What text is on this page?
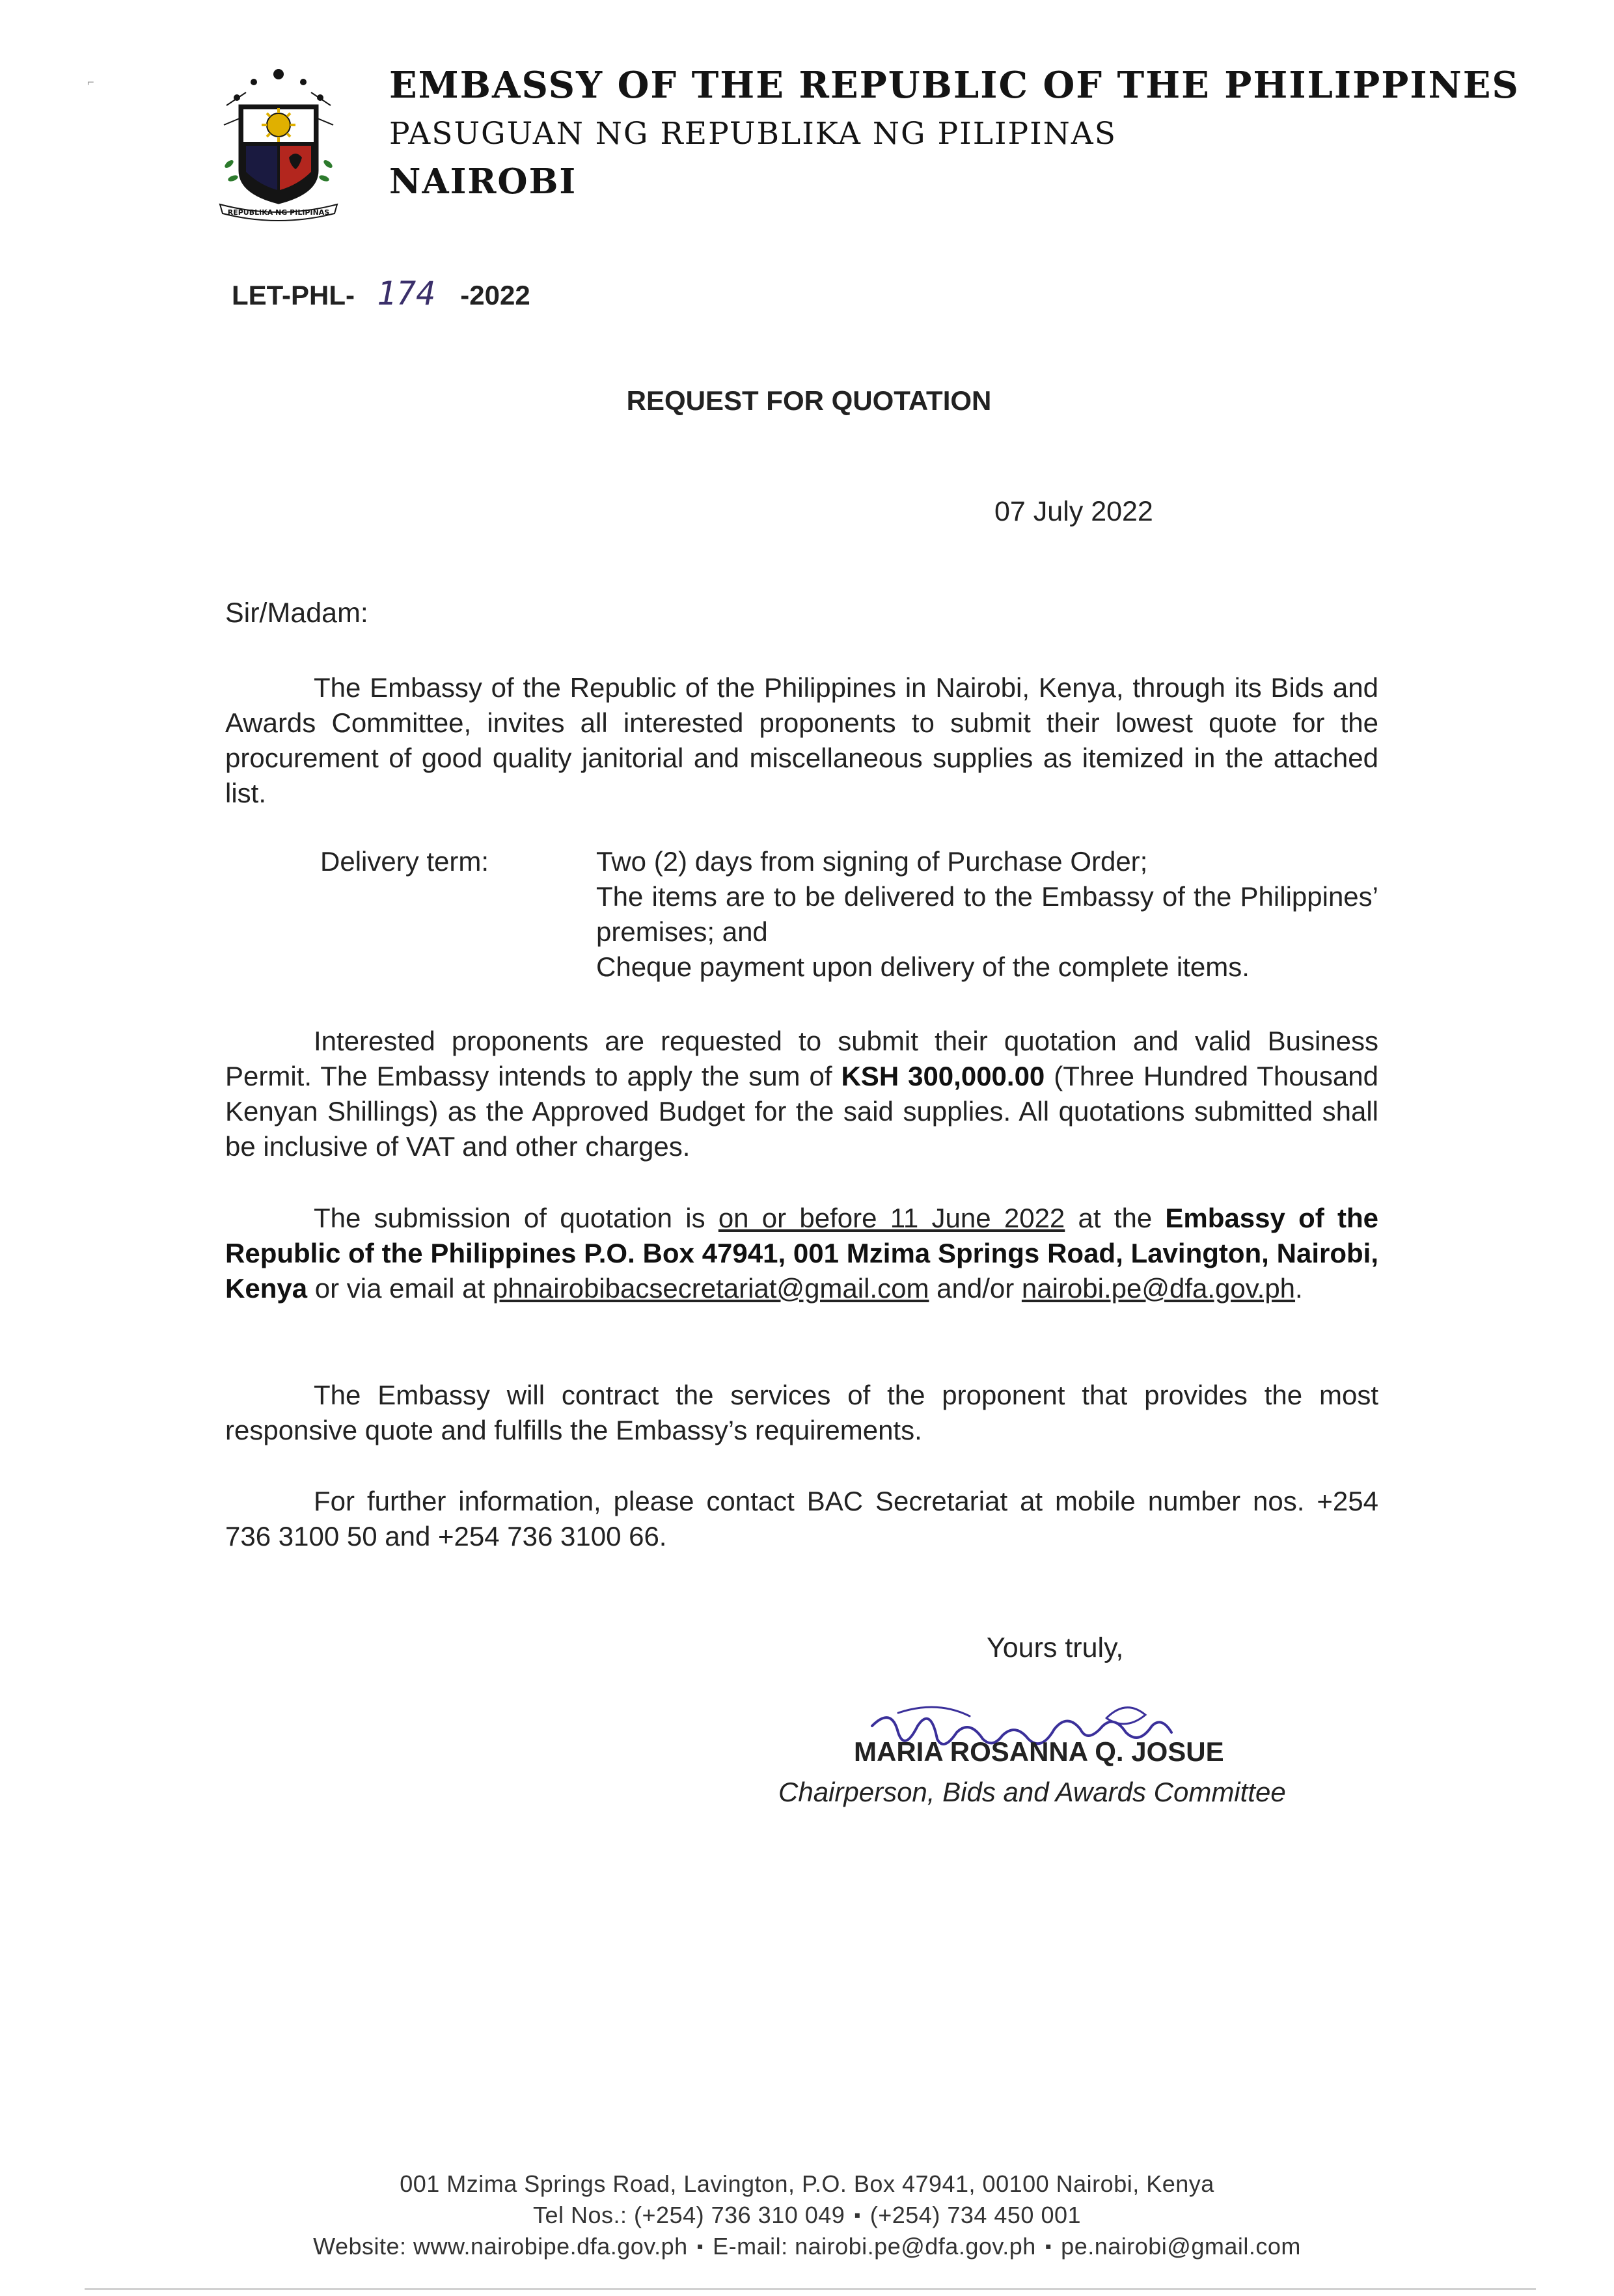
REPUBLIKA NG PILIPINAS
EMBASSY OF THE REPUBLIC OF THE PHILIPPINES
PASUGUAN NG REPUBLIKA NG PILIPINAS
NAIROBI
⌐
LET-PHL- 174 -2022
REQUEST FOR QUOTATION
07 July 2022
Sir/Madam:
The Embassy of the Republic of the Philippines in Nairobi, Kenya, through its Bids and Awards Committee, invites all interested proponents to submit their lowest quote for the procurement of good quality janitorial and miscellaneous supplies as itemized in the attached list.
Delivery term:	Two (2) days from signing of Purchase Order;
The items are to be delivered to the Embassy of the Philippines’ premises; and
Cheque payment upon delivery of the complete items.
Interested proponents are requested to submit their quotation and valid Business Permit. The Embassy intends to apply the sum of KSH 300,000.00 (Three Hundred Thousand Kenyan Shillings) as the Approved Budget for the said supplies. All quotations submitted shall be inclusive of VAT and other charges.
The submission of quotation is on or before 11 June 2022 at the Embassy of the Republic of the Philippines P.O. Box 47941, 001 Mzima Springs Road, Lavington, Nairobi, Kenya or via email at phnairobibacsecretariat@gmail.com and/or nairobi.pe@dfa.gov.ph.
The Embassy will contract the services of the proponent that provides the most responsive quote and fulfills the Embassy’s requirements.
For further information, please contact BAC Secretariat at mobile number nos. +254 736 3100 50 and +254 736 3100 66.
Yours truly,
MARIA ROSANNA Q. JOSUE
Chairperson, Bids and Awards Committee
001 Mzima Springs Road, Lavington, P.O. Box 47941, 00100 Nairobi, Kenya
Tel Nos.: (+254) 736 310 049 ▪ (+254) 734 450 001
Website: www.nairobipe.dfa.gov.ph ▪ E-mail: nairobi.pe@dfa.gov.ph ▪ pe.nairobi@gmail.com
